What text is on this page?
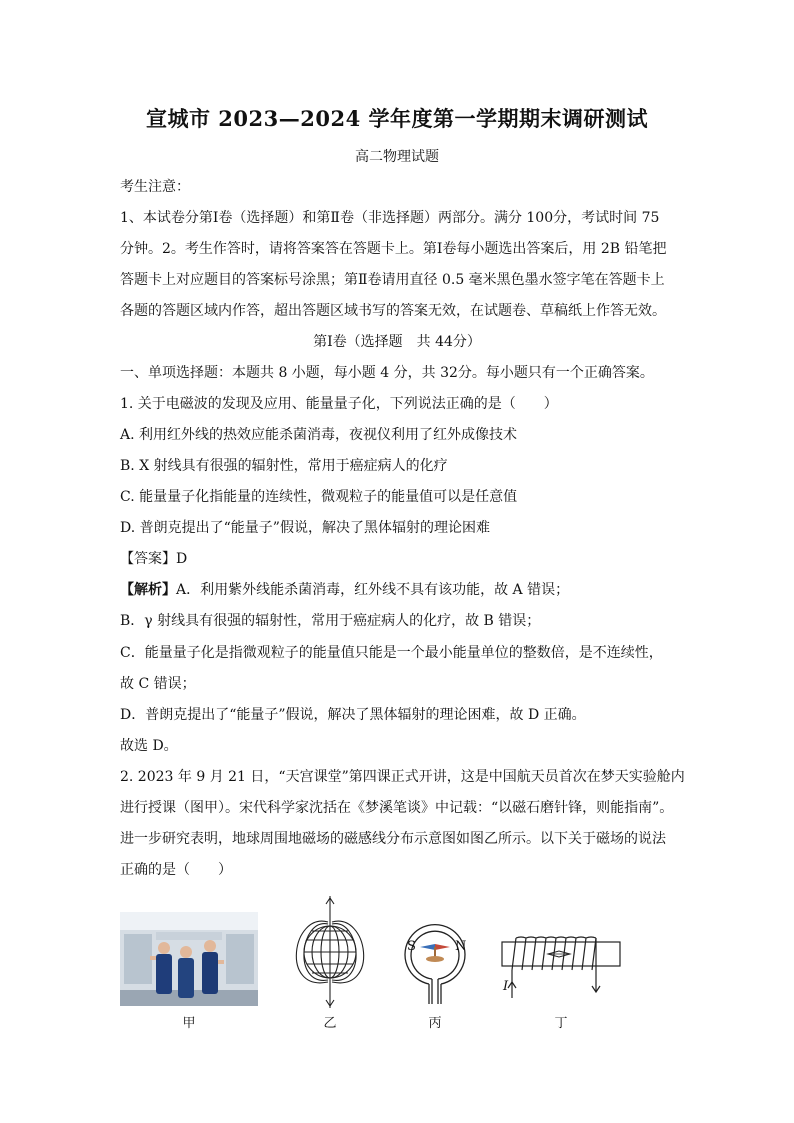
宣城市 2023—2024 学年度第一学期期末调研测试
高二物理试题
考生注意：
1、本试卷分第Ⅰ卷（选择题）和第Ⅱ卷（非选择题）两部分。满分 100分，考试时间 75
分钟。2。考生作答时，请将答案答在答题卡上。第Ⅰ卷每小题选出答案后，用 2B 铅笔把
答题卡上对应题目的答案标号涂黑；第Ⅱ卷请用直径 0.5 毫米黑色墨水签字笔在答题卡上
各题的答题区域内作答，超出答题区域书写的答案无效，在试题卷、草稿纸上作答无效。
第Ⅰ卷（选择题　共 44分）
一、单项选择题：本题共 8 小题，每小题 4 分，共 32分。每小题只有一个正确答案。
1. 关于电磁波的发现及应用、能量量子化，下列说法正确的是（　　）
A. 利用红外线的热效应能杀菌消毒，夜视仪利用了红外成像技术
B. X 射线具有很强的辐射性，常用于癌症病人的化疗
C. 能量量子化指能量的连续性，微观粒子的能量值可以是任意值
D. 普朗克提出了“能量子”假说，解决了黑体辐射的理论困难
【答案】D
【解析】A．利用紫外线能杀菌消毒，红外线不具有该功能，故 A 错误；
B．γ 射线具有很强的辐射性，常用于癌症病人的化疗，故 B 错误；
C．能量量子化是指微观粒子的能量值只能是一个最小能量单位的整数倍，是不连续性，
故 C 错误；
D．普朗克提出了“能量子”假说，解决了黑体辐射的理论困难，故 D 正确。
故选 D。
2. 2023 年 9 月 21 日，“天宫课堂”第四课正式开讲，这是中国航天员首次在梦天实验舱内
进行授课（图甲）。宋代科学家沈括在《梦溪笔谈》中记载：“以磁石磨针锋，则能指南”。
进一步研究表明，地球周围地磁场的磁感线分布示意图如图乙所示。以下关于磁场的说法
正确的是（　　）
甲	乙
S	N
丙
I
丁
